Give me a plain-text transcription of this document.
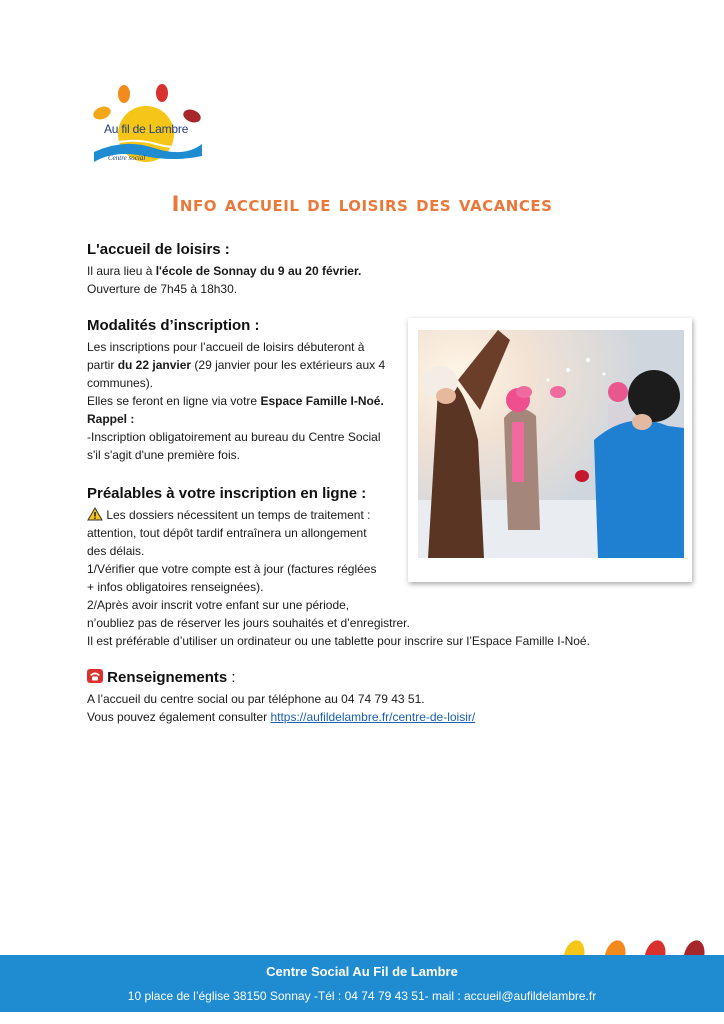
Au fil de Lambre
Centre social
Info accueil de loisirs des vacances
L'accueil de loisirs :

Il aura lieu à l'école de Sonnay du 9 au 20 février.

Ouverture de 7h45 à 18h30.

Modalités d’inscription :

Les inscriptions pour l’accueil de loisirs débuteront à

partir du 22 janvier (29 janvier pour les extérieurs aux 4

communes).

Elles se feront en ligne via votre Espace Famille I-Noé.

Rappel :

-Inscription obligatoirement au bureau du Centre Social

s'il s'agit d'une première fois.

Préalables à votre inscription en ligne :

Les dossiers nécessitent un temps de traitement :

attention, tout dépôt tardif entraînera un allongement

des délais.

1/Vérifier que votre compte est à jour (factures réglées

+ infos obligatoires renseignées).

2/Après avoir inscrit votre enfant sur une période,

n’oubliez pas de réserver les jours souhaités et d’enregistrer.

Il est préférable d’utiliser un ordinateur ou une tablette pour inscrire sur l’Espace Famille I-Noé.

Renseignements :

A l’accueil du centre social ou par téléphone au 04 74 79 43 51.

Vous pouvez également consulter https://aufildelambre.fr/centre-de-loisir/

Centre Social Au Fil de Lambre
10 place de l’église 38150 Sonnay -Tél : 04 74 79 43 51- mail : accueil@aufildelambre.fr
